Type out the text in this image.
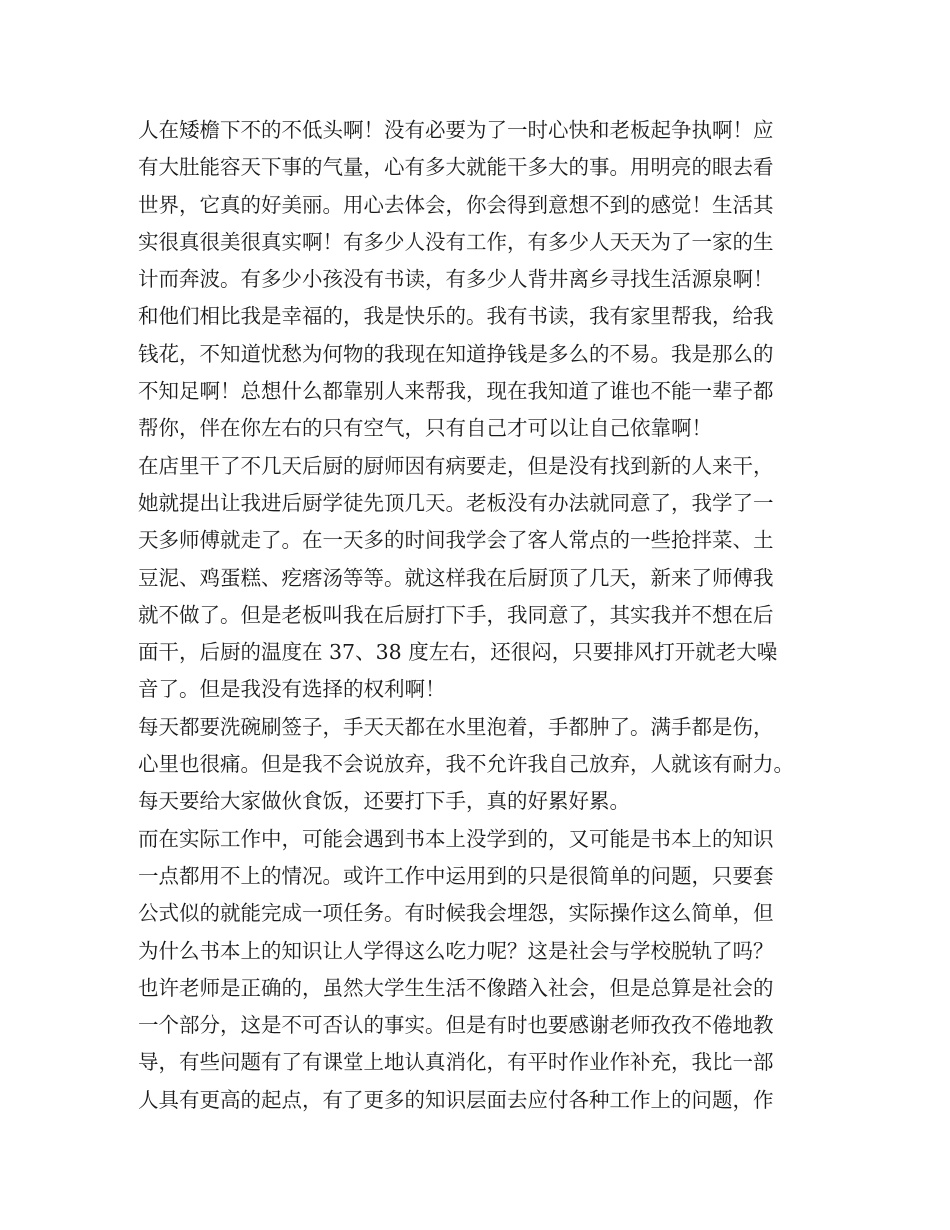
人在矮檐下不的不低头啊！没有必要为了一时心快和老板起争执啊！应
有大肚能容天下事的气量，心有多大就能干多大的事。用明亮的眼去看
世界，它真的好美丽。用心去体会，你会得到意想不到的感觉！生活其
实很真很美很真实啊！有多少人没有工作，有多少人天天为了一家的生
计而奔波。有多少小孩没有书读，有多少人背井离乡寻找生活源泉啊！
和他们相比我是幸福的，我是快乐的。我有书读，我有家里帮我，给我
钱花，不知道忧愁为何物的我现在知道挣钱是多么的不易。我是那么的
不知足啊！总想什么都靠别人来帮我，现在我知道了谁也不能一辈子都
帮你，伴在你左右的只有空气，只有自己才可以让自己依靠啊！
在店里干了不几天后厨的厨师因有病要走，但是没有找到新的人来干，
她就提出让我进后厨学徒先顶几天。老板没有办法就同意了，我学了一
天多师傅就走了。在一天多的时间我学会了客人常点的一些抢拌菜、土
豆泥、鸡蛋糕、疙瘩汤等等。就这样我在后厨顶了几天，新来了师傅我
就不做了。但是老板叫我在后厨打下手，我同意了，其实我并不想在后
面干，后厨的温度在 37、38 度左右，还很闷，只要排风打开就老大噪
音了。但是我没有选择的权利啊！
每天都要洗碗刷签子，手天天都在水里泡着，手都肿了。满手都是伤，
心里也很痛。但是我不会说放弃，我不允许我自己放弃，人就该有耐力。
每天要给大家做伙食饭，还要打下手，真的好累好累。
而在实际工作中，可能会遇到书本上没学到的，又可能是书本上的知识
一点都用不上的情况。或许工作中运用到的只是很简单的问题，只要套
公式似的就能完成一项任务。有时候我会埋怨，实际操作这么简单，但
为什么书本上的知识让人学得这么吃力呢？这是社会与学校脱轨了吗？
也许老师是正确的，虽然大学生生活不像踏入社会，但是总算是社会的
一个部分，这是不可否认的事实。但是有时也要感谢老师孜孜不倦地教
导，有些问题有了有课堂上地认真消化，有平时作业作补充，我比一部
人具有更高的起点，有了更多的知识层面去应付各种工作上的问题，作
